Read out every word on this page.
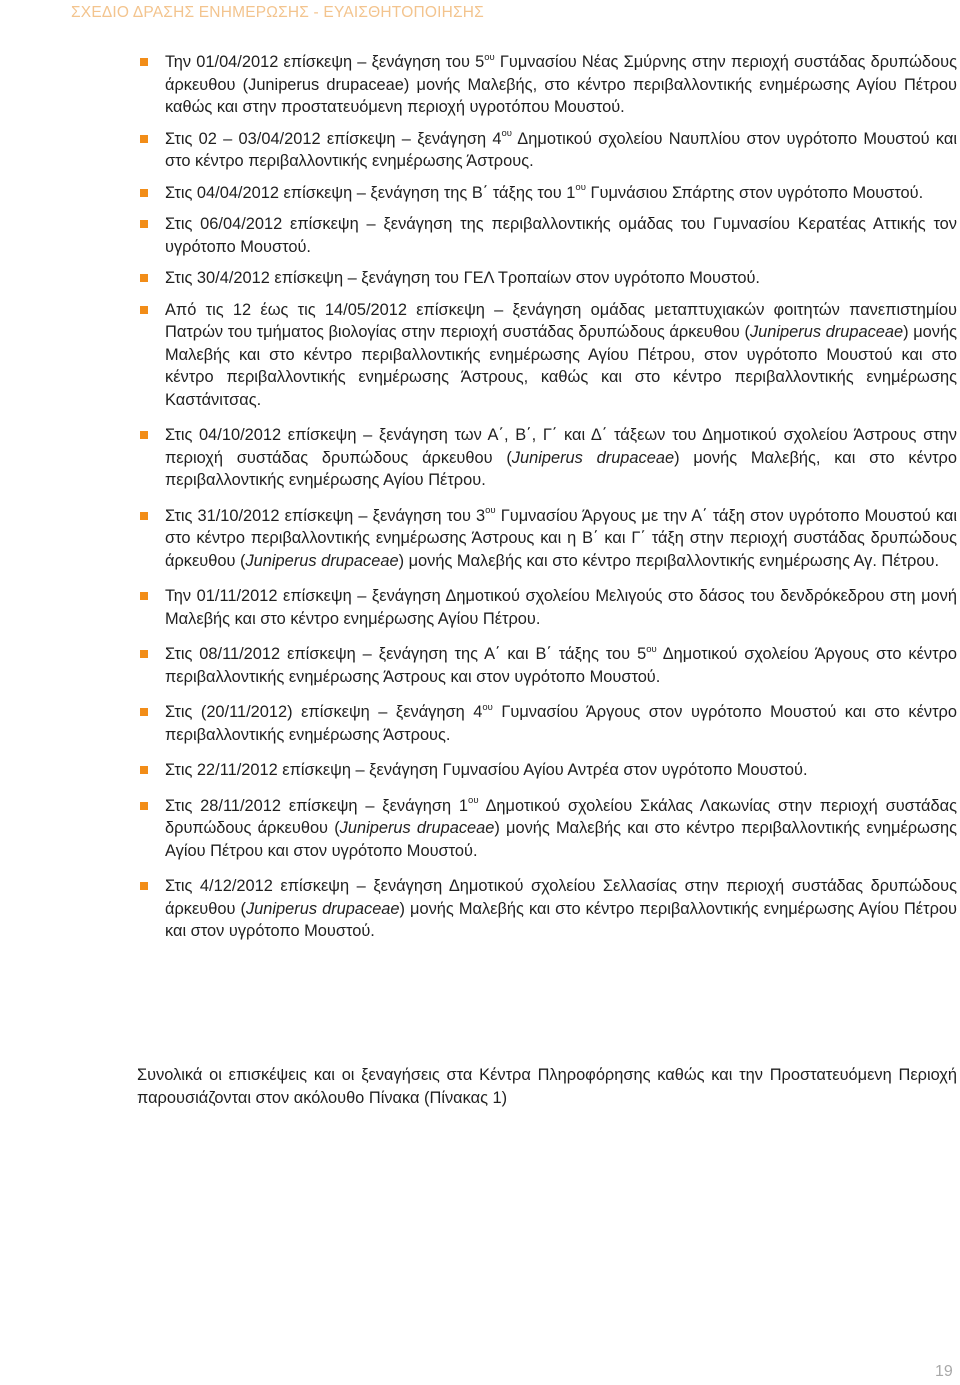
ΣΧΕΔΙΟ ΔΡΑΣΗΣ ΕΝΗΜΕΡΩΣΗΣ - ΕΥΑΙΣΘΗΤΟΠΟΙΗΣΗΣ
Την 01/04/2012 επίσκεψη – ξενάγηση του $5^{o\upsilon}$ Γυμνασίου Νέας Σμύρνης στην περιοχή συστάδας δρυπώδους άρκευθου (Juniperus drupaceae) μονής Μαλεβής, στο κέντρο περιβαλλοντικής ενημέρωσης Αγίου Πέτρου καθώς και στην προστατευόμενη περιοχή υγροτόπου Μουστού.
Στις 02 – 03/04/2012 επίσκεψη – ξενάγηση $4^{o\upsilon}$ Δημοτικού σχολείου Ναυπλίου στον υγρότοπο Μουστού και στο κέντρο περιβαλλοντικής ενημέρωσης Άστρους.
Στις 04/04/2012 επίσκεψη – ξενάγηση της Β΄ τάξης του $1^{o\upsilon}$ Γυμνάσιου Σπάρτης στον υγρότοπο Μουστού.
Στις 06/04/2012 επίσκεψη – ξενάγηση της περιβαλλοντικής ομάδας του Γυμνασίου Κερατέας Αττικής τον υγρότοπο Μουστού.
Στις 30/4/2012 επίσκεψη – ξενάγηση του ΓΕΛ Τροπαίων στον υγρότοπο Μουστού.
Από τις 12 έως τις 14/05/2012 επίσκεψη – ξενάγηση ομάδας μεταπτυχιακών φοιτητών πανεπιστημίου Πατρών του τμήματος βιολογίας στην περιοχή συστάδας δρυπώδους άρκευθου (Juniperus drupaceae) μονής Μαλεβής και στο κέντρο περιβαλλοντικής ενημέρωσης Αγίου Πέτρου, στον υγρότοπο Μουστού και στο κέντρο περιβαλλοντικής ενημέρωσης Άστρους, καθώς και στο κέντρο περιβαλλοντικής ενημέρωσης Καστάνιτσας.
Στις 04/10/2012 επίσκεψη – ξενάγηση των Α΄, Β΄, Γ΄ και Δ΄ τάξεων του Δημοτικού σχολείου Άστρους στην περιοχή συστάδας δρυπώδους άρκευθου (Juniperus drupaceae) μονής Μαλεβής, και στο κέντρο περιβαλλοντικής ενημέρωσης Αγίου Πέτρου.
Στις 31/10/2012 επίσκεψη – ξενάγηση του $3^{o\upsilon}$ Γυμνασίου Άργους με την Α΄ τάξη στον υγρότοπο Μουστού και στο κέντρο περιβαλλοντικής ενημέρωσης Άστρους και η Β΄ και Γ΄ τάξη στην περιοχή συστάδας δρυπώδους άρκευθου (Juniperus drupaceae) μονής Μαλεβής και στο κέντρο περιβαλλοντικής ενημέρωσης Αγ. Πέτρου.
Την 01/11/2012 επίσκεψη – ξενάγηση Δημοτικού σχολείου Μελιγούς στο δάσος του δενδρόκεδρου στη μονή Μαλεβής και στο κέντρο ενημέρωσης Αγίου Πέτρου.
Στις 08/11/2012 επίσκεψη – ξενάγηση της Α΄ και Β΄ τάξης του $5^{o\upsilon}$ Δημοτικού σχολείου Άργους στο κέντρο περιβαλλοντικής ενημέρωσης Άστρους και στον υγρότοπο Μουστού.
Στις (20/11/2012) επίσκεψη – ξενάγηση $4^{o\upsilon}$ Γυμνασίου Άργους στον υγρότοπο Μουστού και στο κέντρο περιβαλλοντικής ενημέρωσης Άστρους.
Στις 22/11/2012 επίσκεψη – ξενάγηση Γυμνασίου Αγίου Αντρέα στον υγρότοπο Μουστού.
Στις 28/11/2012 επίσκεψη – ξενάγηση $1^{o\upsilon}$ Δημοτικού σχολείου Σκάλας Λακωνίας στην περιοχή συστάδας δρυπώδους άρκευθου (Juniperus drupaceae) μονής Μαλεβής και στο κέντρο περιβαλλοντικής ενημέρωσης Αγίου Πέτρου και στον υγρότοπο Μουστού.
Στις 4/12/2012 επίσκεψη – ξενάγηση Δημοτικού σχολείου Σελλασίας στην περιοχή συστάδας δρυπώδους άρκευθου (Juniperus drupaceae) μονής Μαλεβής και στο κέντρο περιβαλλοντικής ενημέρωσης Αγίου Πέτρου και στον υγρότοπο Μουστού.
Συνολικά οι επισκέψεις και οι ξεναγήσεις στα Κέντρα Πληροφόρησης καθώς και την Προστατευόμενη Περιοχή παρουσιάζονται στον ακόλουθο Πίνακα (Πίνακας 1)
19
